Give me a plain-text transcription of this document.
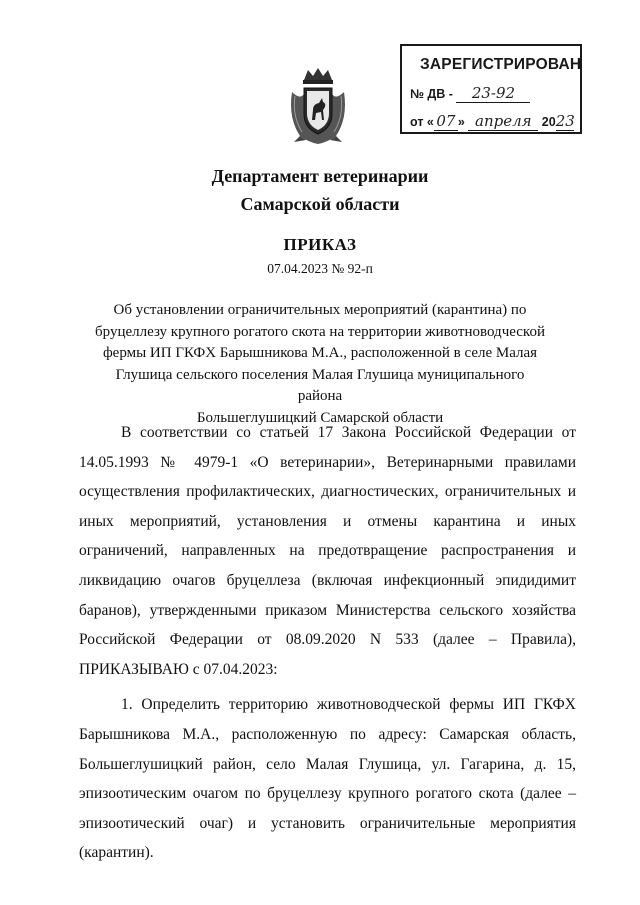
ЗАРЕГИСТРИРОВАН
№ ДВ - 23-92
от « 07 » апреля 2023
Департамент ветеринарии
Самарской области
ПРИКАЗ
07.04.2023 № 92-п
Об установлении ограничительных мероприятий (карантина) по
бруцеллезу крупного рогатого скота на территории животноводческой
фермы ИП ГКФХ Барышникова М.А., расположенной в селе Малая
Глушица сельского поселения Малая Глушица муниципального района
Большеглушицкий Самарской области

В соответствии со статьей 17 Закона Российской Федерации от 14.05.1993 № 4979-1 «О ветеринарии», Ветеринарными правилами осуществления профилактических, диагностических, ограничительных и иных мероприятий, установления и отмены карантина и иных ограничений, направленных на предотвращение распространения и ликвидацию очагов бруцеллеза (включая инфекционный эпидидимит баранов), утвержденными приказом Министерства сельского хозяйства Российской Федерации от 08.09.2020 N 533 (далее – Правила), ПРИКАЗЫВАЮ с 07.04.2023:

1. Определить территорию животноводческой фермы ИП ГКФХ Барышникова М.А., расположенную по адресу: Самарская область, Большеглушицкий район, село Малая Глушица, ул. Гагарина, д. 15, эпизоотическим очагом по бруцеллезу крупного рогатого скота (далее – эпизоотический очаг) и установить ограничительные мероприятия (карантин).
